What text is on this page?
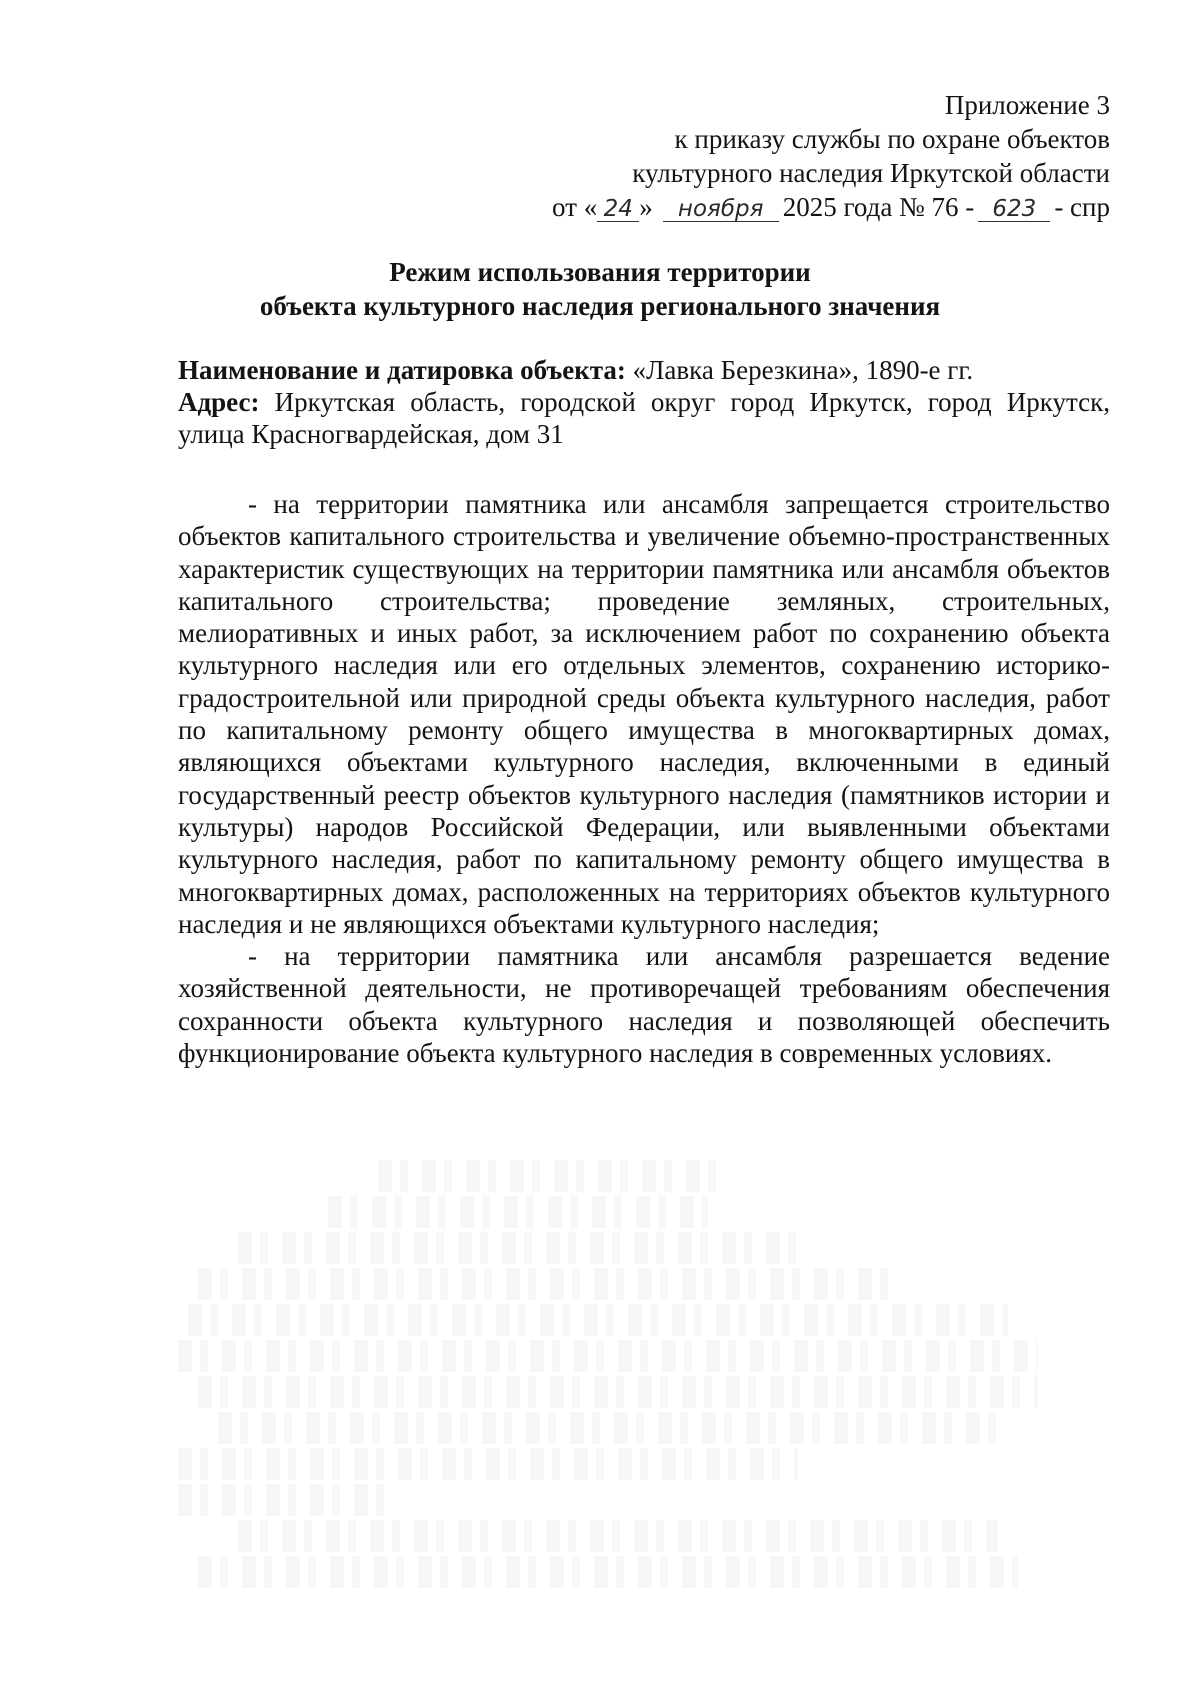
Приложение 3
к приказу службы по охране объектов
культурного наследия Иркутской области
от « 24 » ноября 2025 года № 76 - 623 - спр
Режим использования территории
объекта культурного наследия регионального значения

Наименование и датировка объекта: «Лавка Березкина», 1890-е гг.

Адрес: Иркутская область, городской округ город Иркутск, город Иркутск, улица Красногвардейская, дом 31

- на территории памятника или ансамбля запрещается строительство объектов капитального строительства и увеличение объемно-пространственных характеристик существующих на территории памятника или ансамбля объектов капитального строительства; проведение земляных, строительных, мелиоративных и иных работ, за исключением работ по сохранению объекта культурного наследия или его отдельных элементов, сохранению историко-градостроительной или природной среды объекта культурного наследия, работ по капитальному ремонту общего имущества в многоквартирных домах, являющихся объектами культурного наследия, включенными в единый государственный реестр объектов культурного наследия (памятников истории и культуры) народов Российской Федерации, или выявленными объектами культурного наследия, работ по капитальному ремонту общего имущества в многоквартирных домах, расположенных на территориях объектов культурного наследия и не являющихся объектами культурного наследия;

- на территории памятника или ансамбля разрешается ведение хозяйственной деятельности, не противоречащей требованиям обеспечения сохранности объекта культурного наследия и позволяющей обеспечить функционирование объекта культурного наследия в современных условиях.
